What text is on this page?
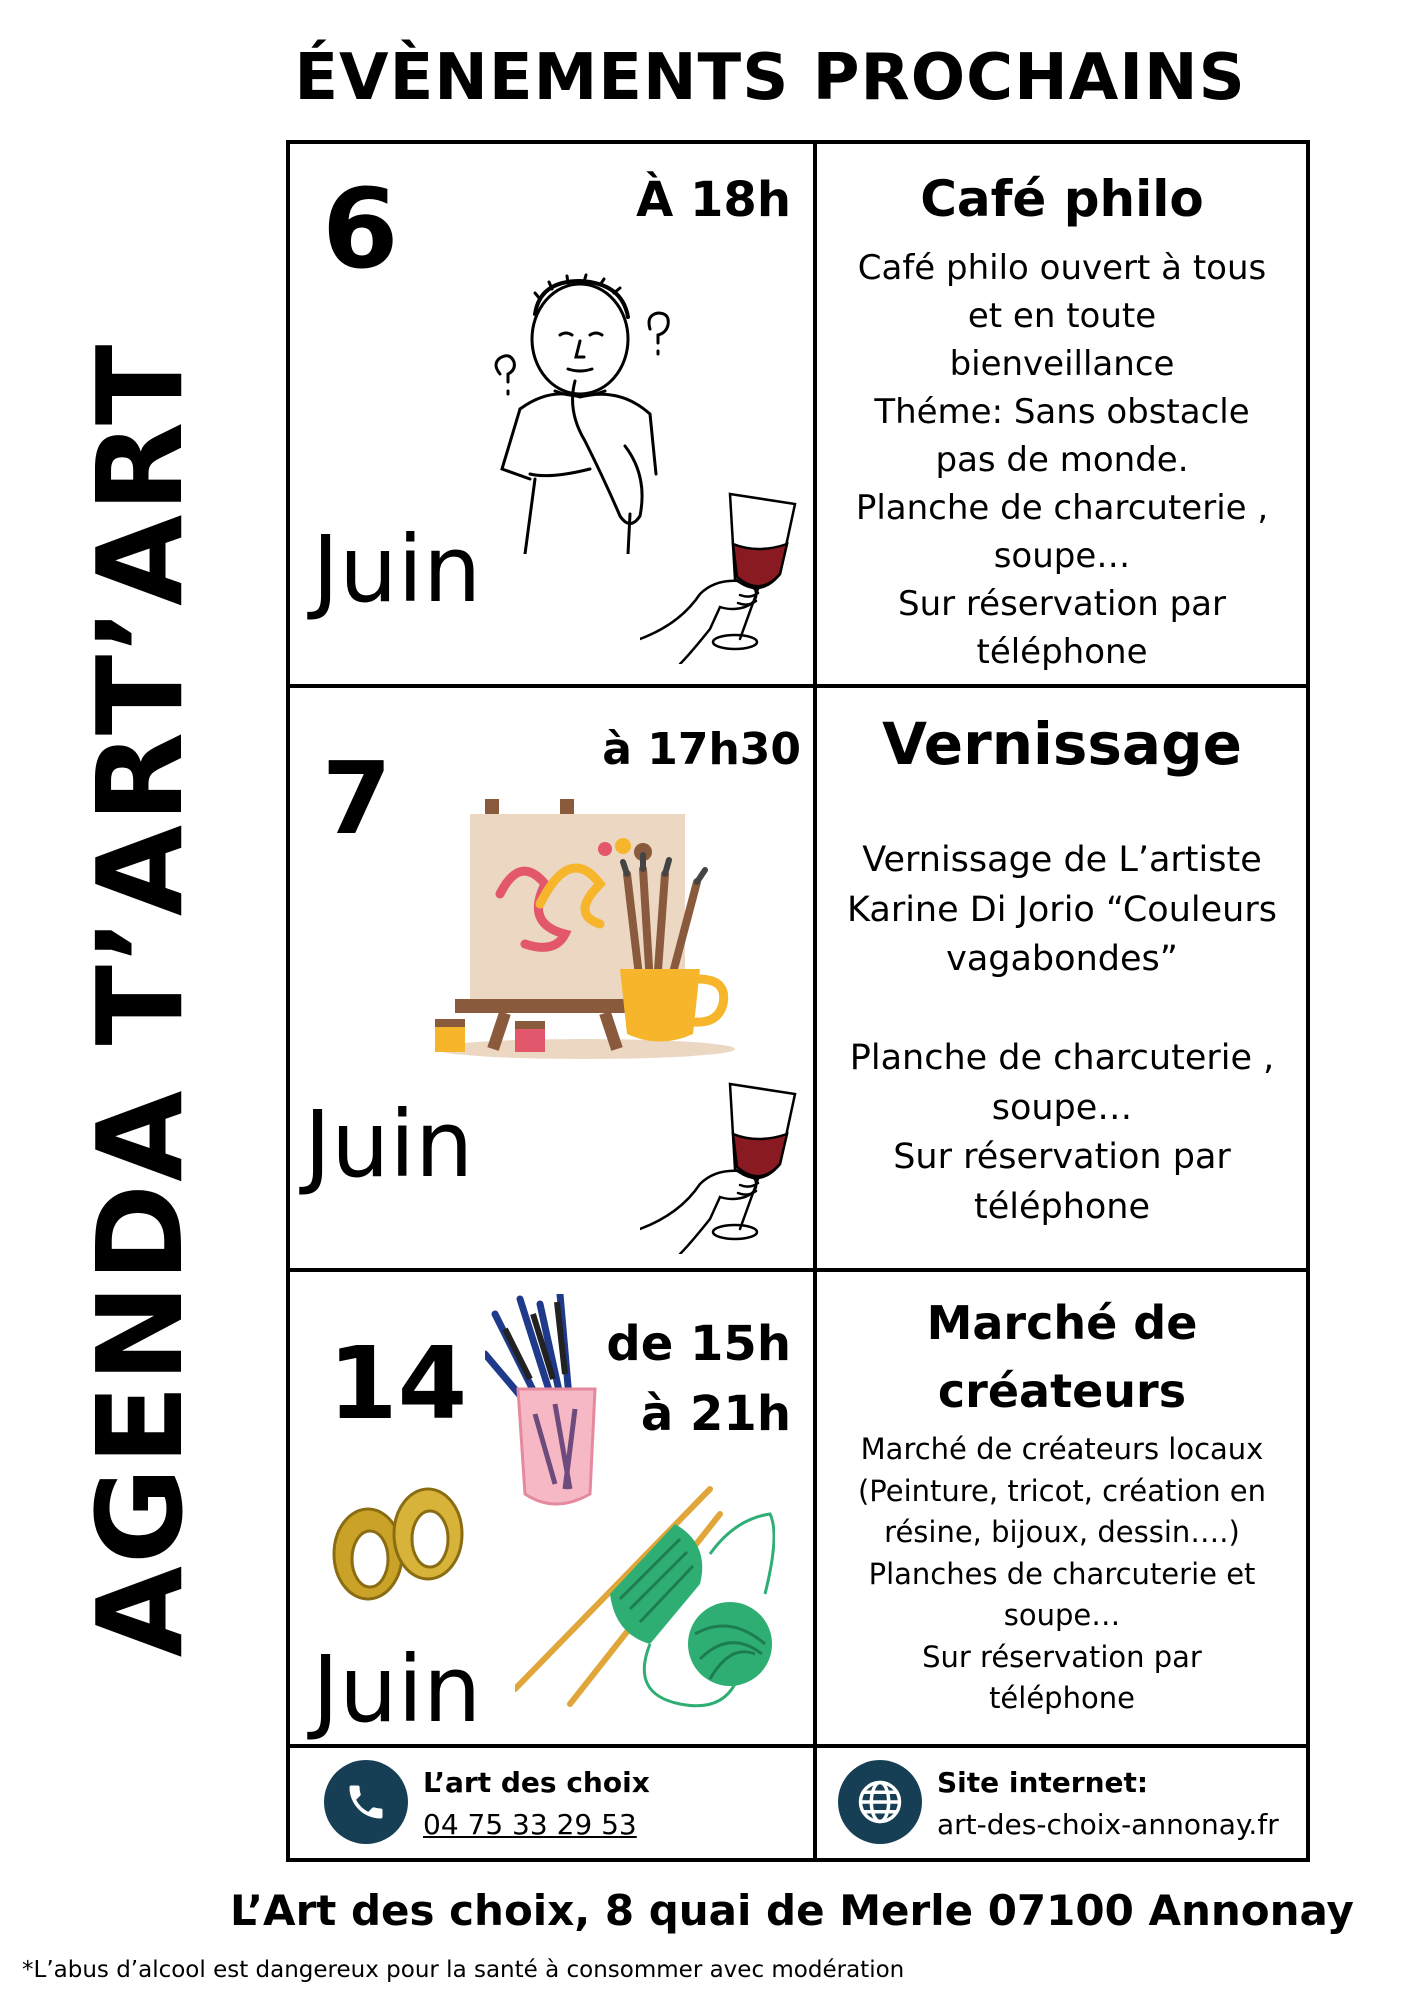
AGENDA T’ART’ART
ÉVÈNEMENTS PROCHAINS
6	À 18h
Juin
Café philo
Café philo ouvert à tous
et en toute
bienveillance
Théme: Sans obstacle
pas de monde.
Planche de charcuterie ,
soupe…
Sur réservation par
téléphone
7	à 17h30
Juin
Vernissage
Vernissage de L’artiste
Karine Di Jorio “Couleurs
vagabondes”

Planche de charcuterie ,
soupe…
Sur réservation par
téléphone
14	de 15h
à 21h
Juin
Marché de
créateurs
Marché de créateurs locaux
(Peinture, tricot, création en
résine, bijoux, dessin….)
Planches de charcuterie et
soupe…
Sur réservation par
téléphone
L’art des choix
04 75 33 29 53
Site internet:
art-des-choix-annonay.fr
L’Art des choix, 8 quai de Merle 07100 Annonay
*L’abus d’alcool est dangereux pour la santé à consommer avec modération
